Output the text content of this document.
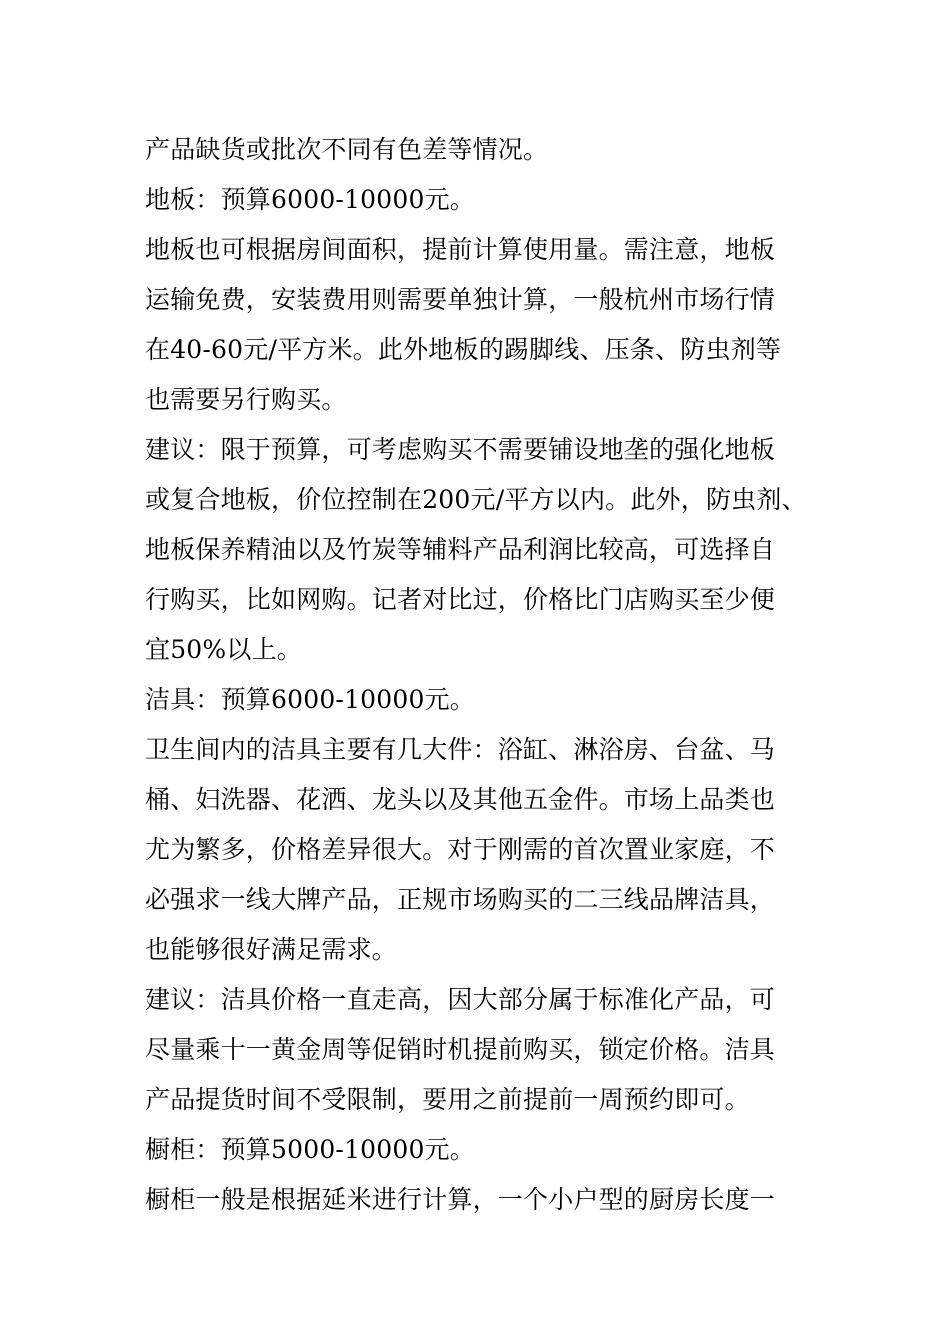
产品缺货或批次不同有色差等情况。
地板：预算6000-10000元。
地板也可根据房间面积，提前计算使用量。需注意，地板
运输免费，安装费用则需要单独计算，一般杭州市场行情
在40-60元/平方米。此外地板的踢脚线、压条、防虫剂等
也需要另行购买。
建议：限于预算，可考虑购买不需要铺设地垄的强化地板
或复合地板，价位控制在200元/平方以内。此外，防虫剂、
地板保养精油以及竹炭等辅料产品利润比较高，可选择自
行购买，比如网购。记者对比过，价格比门店购买至少便
宜50%以上。
洁具：预算6000-10000元。
卫生间内的洁具主要有几大件：浴缸、淋浴房、台盆、马
桶、妇洗器、花洒、龙头以及其他五金件。市场上品类也
尤为繁多，价格差异很大。对于刚需的首次置业家庭，不
必强求一线大牌产品，正规市场购买的二三线品牌洁具，
也能够很好满足需求。
建议：洁具价格一直走高，因大部分属于标准化产品，可
尽量乘十一黄金周等促销时机提前购买，锁定价格。洁具
产品提货时间不受限制，要用之前提前一周预约即可。
橱柜：预算5000-10000元。
橱柜一般是根据延米进行计算，一个小户型的厨房长度一
